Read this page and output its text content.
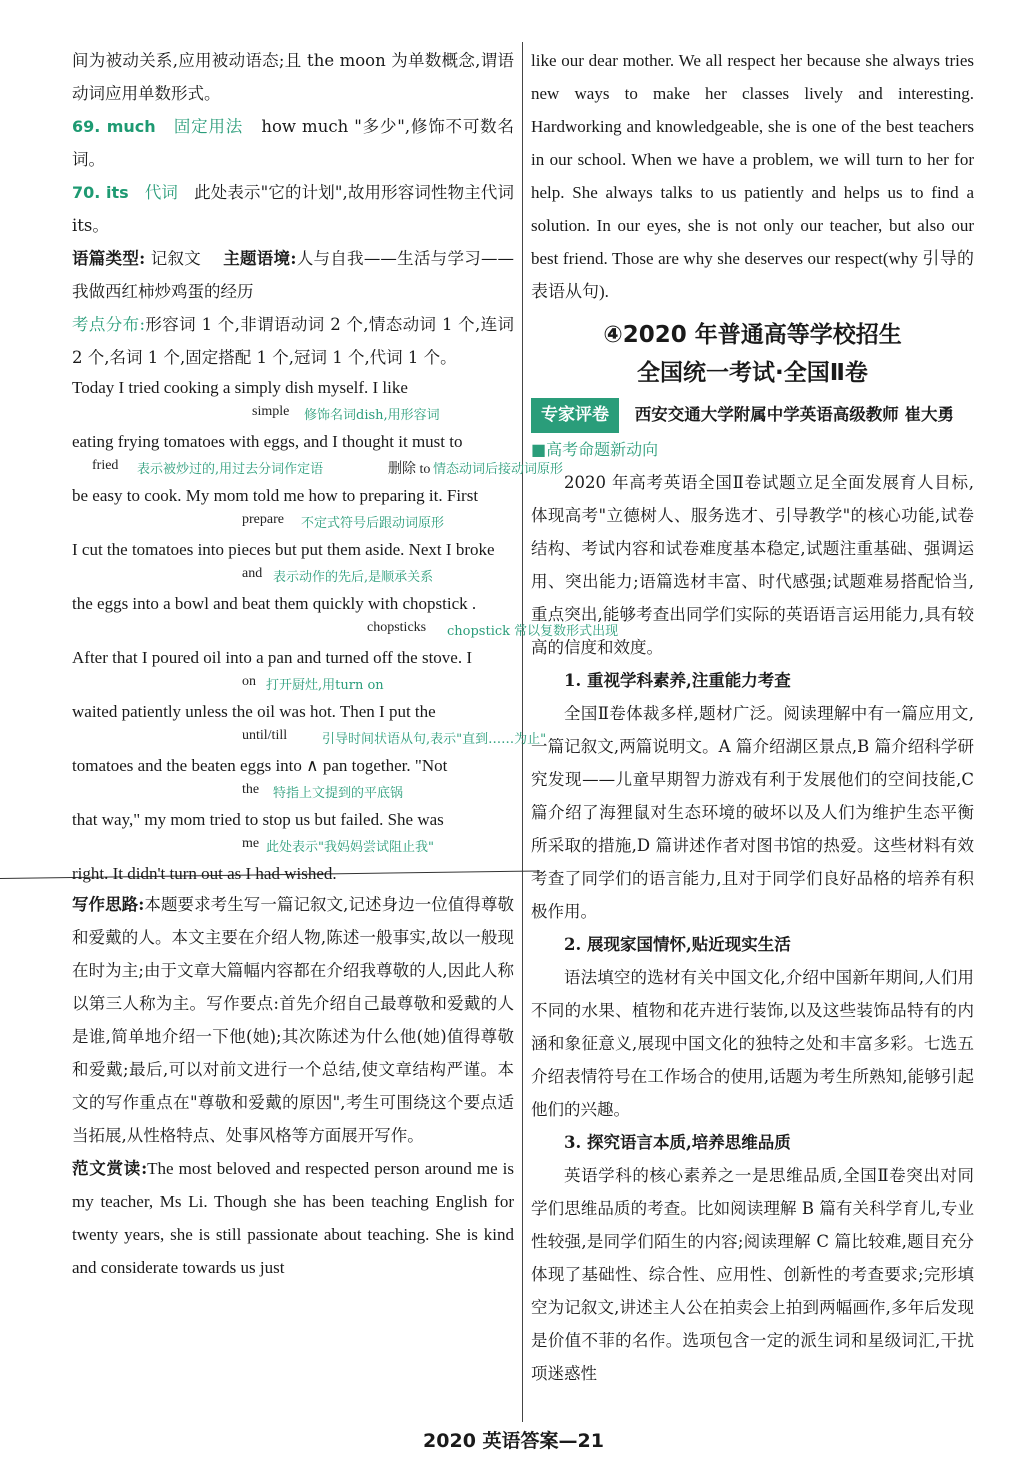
间为被动关系,应用被动语态;且 the moon 为单数概念,谓语动词应用单数形式。

69. much 固定用法 how much "多少",修饰不可数名词。

70. its 代词 此处表示"它的计划",故用形容词性物主代词 its。

语篇类型: 记叙文 主题语境:人与自我——生活与学习——我做西红柿炒鸡蛋的经历

考点分布:形容词 1 个,非谓语动词 2 个,情态动词 1 个,连词 2 个,名词 1 个,固定搭配 1 个,冠词 1 个,代词 1 个。

Today I tried cooking a simply dish myself. I like
simple 修饰名词dish,用形容词
eating frying tomatoes with eggs, and I thought it must to
fried 表示被炒过的,用过去分词作定语	删除 to 情态动词后接动词原形
be easy to cook. My mom told me how to preparing it. First
prepare 不定式符号后跟动词原形
I cut the tomatoes into pieces but put them aside. Next I broke
and 表示动作的先后,是顺承关系
the eggs into a bowl and beat them quickly with chopstick .
chopsticks chopstick 常以复数形式出现
After that I poured oil into a pan and turned off the stove. I
on 打开厨灶,用turn on
waited patiently unless the oil was hot. Then I put the
until/till	引导时间状语从句,表示"直到……为止"
tomatoes and the beaten eggs into ∧ pan together. "Not
the 特指上文提到的平底锅
that way," my mom tried to stop us but failed. She was
me 此处表示"我妈妈尝试阻止我"
right. It didn't turn out as I had wished.

写作思路:本题要求考生写一篇记叙文,记述身边一位值得尊敬和爱戴的人。本文主要在介绍人物,陈述一般事实,故以一般现在时为主;由于文章大篇幅内容都在介绍我尊敬的人,因此人称以第三人称为主。写作要点:首先介绍自己最尊敬和爱戴的人是谁,简单地介绍一下他(她);其次陈述为什么他(她)值得尊敬和爱戴;最后,可以对前文进行一个总结,使文章结构严谨。本文的写作重点在"尊敬和爱戴的原因",考生可围绕这个要点适当拓展,从性格特点、处事风格等方面展开写作。

范文赏读:The most beloved and respected person around me is my teacher, Ms Li. Though she has been teaching English for twenty years, she is still passionate about teaching. She is kind and considerate towards us just

like our dear mother. We all respect her because she always tries new ways to make her classes lively and interesting. Hardworking and knowledgeable, she is one of the best teachers in our school. When we have a problem, we will turn to her for help. She always talks to us patiently and helps us to find a solution. In our eyes, she is not only our teacher, but also our best friend. Those are why she deserves our respect(why 引导的表语从句).

④2020 年普通高等学校招生

全国统一考试·全国Ⅱ卷

专家评卷 西安交通大学附属中学英语高级教师 崔大勇

■高考命题新动向

2020 年高考英语全国Ⅱ卷试题立足全面发展育人目标,体现高考"立德树人、服务选才、引导教学"的核心功能,试卷结构、考试内容和试卷难度基本稳定,试题注重基础、强调运用、突出能力;语篇选材丰富、时代感强;试题难易搭配恰当,重点突出,能够考查出同学们实际的英语语言运用能力,具有较高的信度和效度。

1. 重视学科素养,注重能力考查

全国Ⅱ卷体裁多样,题材广泛。阅读理解中有一篇应用文,一篇记叙文,两篇说明文。A 篇介绍湖区景点,B 篇介绍科学研究发现——儿童早期智力游戏有利于发展他们的空间技能,C 篇介绍了海狸鼠对生态环境的破坏以及人们为维护生态平衡所采取的措施,D 篇讲述作者对图书馆的热爱。这些材料有效考查了同学们的语言能力,且对于同学们良好品格的培养有积极作用。

2. 展现家国情怀,贴近现实生活

语法填空的选材有关中国文化,介绍中国新年期间,人们用不同的水果、植物和花卉进行装饰,以及这些装饰品特有的内涵和象征意义,展现中国文化的独特之处和丰富多彩。七选五介绍表情符号在工作场合的使用,话题为考生所熟知,能够引起他们的兴趣。

3. 探究语言本质,培养思维品质

英语学科的核心素养之一是思维品质,全国Ⅱ卷突出对同学们思维品质的考查。比如阅读理解 B 篇有关科学育儿,专业性较强,是同学们陌生的内容;阅读理解 C 篇比较难,题目充分体现了基础性、综合性、应用性、创新性的考查要求;完形填空为记叙文,讲述主人公在拍卖会上拍到两幅画作,多年后发现是价值不菲的名作。选项包含一定的派生词和星级词汇,干扰项迷惑性

2020 英语答案—21
